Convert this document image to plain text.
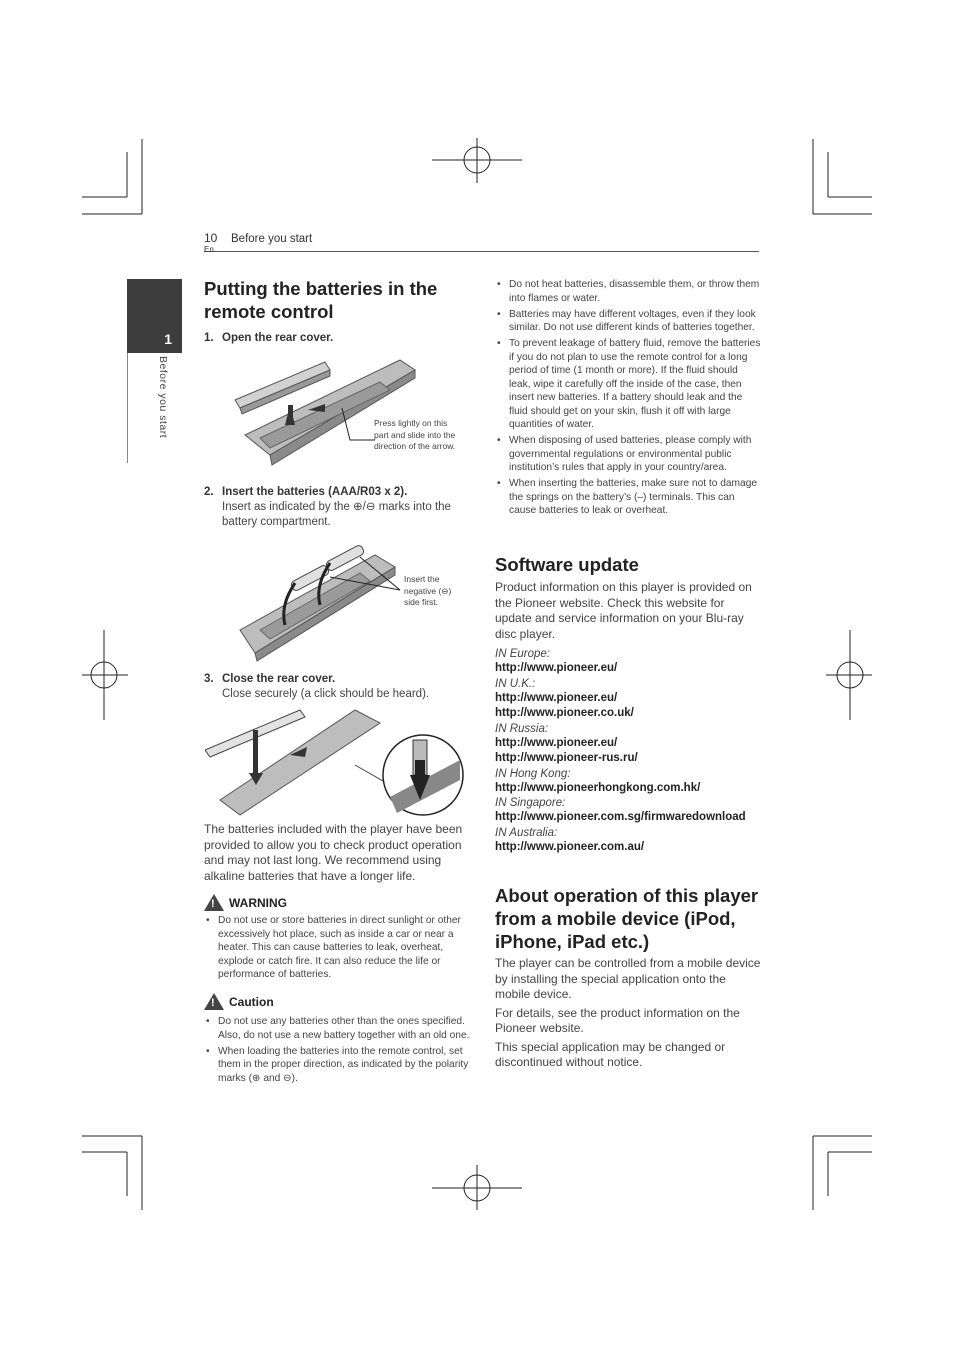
10
En
Before you start
1
Before you start
Putting the batteries in the remote control
1. Open the rear cover.
Press lightly on this part and slide into the direction of the arrow.
2. Insert the batteries (AAA/R03 x 2).
Insert as indicated by the ⊕/⊖ marks into the battery compartment.
Insert the negative (⊖) side first.
3. Close the rear cover.
Close securely (a click should be heard).
The batteries included with the player have been provided to allow you to check product operation and may not last long. We recommend using alkaline batteries that have a longer life.
! WARNING
• Do not use or store batteries in direct sunlight or other excessively hot place, such as inside a car or near a heater. This can cause batteries to leak, overheat, explode or catch fire. It can also reduce the life or performance of batteries.
! Caution
• Do not use any batteries other than the ones specified. Also, do not use a new battery together with an old one.
• When loading the batteries into the remote control, set them in the proper direction, as indicated by the polarity marks (⊕ and ⊖).
• Do not heat batteries, disassemble them, or throw them into flames or water.
• Batteries may have different voltages, even if they look similar. Do not use different kinds of batteries together.
• To prevent leakage of battery fluid, remove the batteries if you do not plan to use the remote control for a long period of time (1 month or more). If the fluid should leak, wipe it carefully off the inside of the case, then insert new batteries. If a battery should leak and the fluid should get on your skin, flush it off with large quantities of water.
• When disposing of used batteries, please comply with governmental regulations or environmental public institution’s rules that apply in your country/area.
• When inserting the batteries, make sure not to damage the springs on the battery’s (–) terminals. This can cause batteries to leak or overheat.
Software update
Product information on this player is provided on the Pioneer website. Check this website for update and service information on your Blu-ray disc player.
IN Europe:
http://www.pioneer.eu/
IN U.K.:
http://www.pioneer.eu/
http://www.pioneer.co.uk/
IN Russia:
http://www.pioneer.eu/
http://www.pioneer-rus.ru/
IN Hong Kong:
http://www.pioneerhongkong.com.hk/
IN Singapore:
http://www.pioneer.com.sg/firmwaredownload
IN Australia:
http://www.pioneer.com.au/
About operation of this player from a mobile device (iPod, iPhone, iPad etc.)
The player can be controlled from a mobile device by installing the special application onto the mobile device.
For details, see the product information on the Pioneer website.
This special application may be changed or discontinued without notice.
